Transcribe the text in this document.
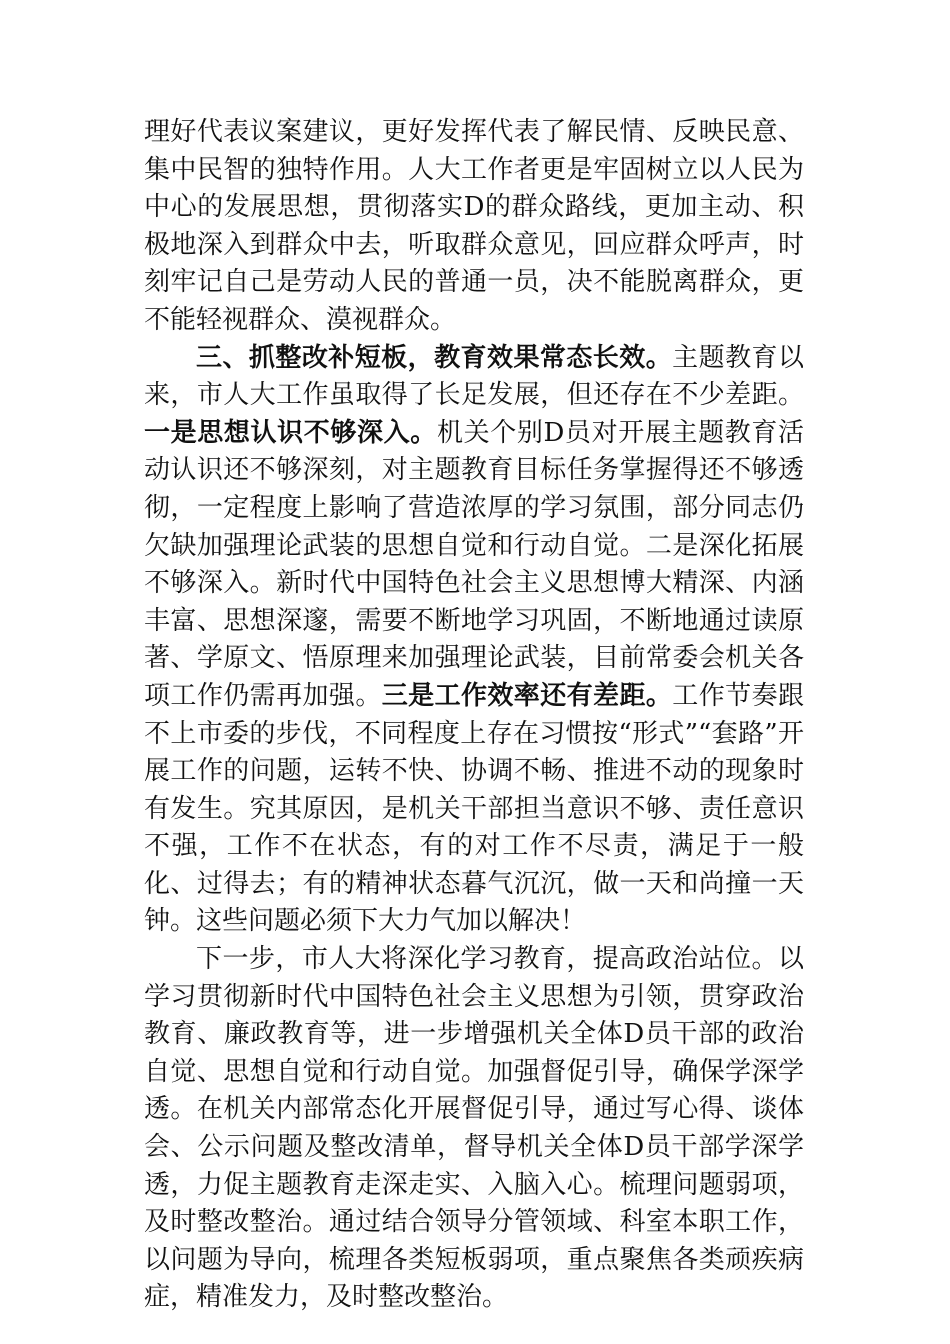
理好代表议案建议，更好发挥代表了解民情、反映民意、集中民智的独特作用。人大工作者更是牢固树立以人民为中心的发展思想，贯彻落实D的群众路线，更加主动、积极地深入到群众中去，听取群众意见，回应群众呼声，时刻牢记自己是劳动人民的普通一员，决不能脱离群众，更不能轻视群众、漠视群众。

三、抓整改补短板，教育效果常态长效。主题教育以来，市人大工作虽取得了长足发展，但还存在不少差距。一是思想认识不够深入。机关个别D员对开展主题教育活动认识还不够深刻，对主题教育目标任务掌握得还不够透彻，一定程度上影响了营造浓厚的学习氛围，部分同志仍欠缺加强理论武装的思想自觉和行动自觉。二是深化拓展不够深入。新时代中国特色社会主义思想博大精深、内涵丰富、思想深邃，需要不断地学习巩固，不断地通过读原著、学原文、悟原理来加强理论武装，目前常委会机关各项工作仍需再加强。三是工作效率还有差距。工作节奏跟不上市委的步伐，不同程度上存在习惯按“形式”“套路”开展工作的问题，运转不快、协调不畅、推进不动的现象时有发生。究其原因，是机关干部担当意识不够、责任意识不强，工作不在状态，有的对工作不尽责，满足于一般化、过得去；有的精神状态暮气沉沉，做一天和尚撞一天钟。这些问题必须下大力气加以解决！

下一步，市人大将深化学习教育，提高政治站位。以学习贯彻新时代中国特色社会主义思想为引领，贯穿政治教育、廉政教育等，进一步增强机关全体D员干部的政治自觉、思想自觉和行动自觉。加强督促引导，确保学深学透。在机关内部常态化开展督促引导，通过写心得、谈体会、公示问题及整改清单，督导机关全体D员干部学深学透，力促主题教育走深走实、入脑入心。梳理问题弱项，及时整改整治。通过结合领导分管领域、科室本职工作，以问题为导向，梳理各类短板弱项，重点聚焦各类顽疾病症，精准发力，及时整改整治。
